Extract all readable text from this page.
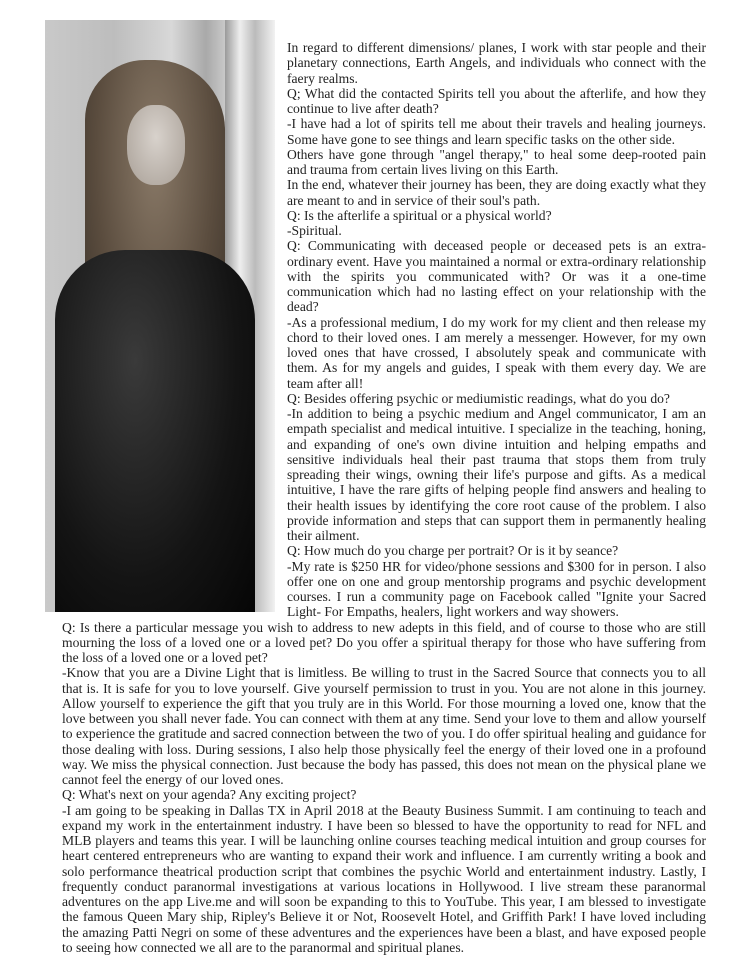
In regard to different dimensions/ planes, I work with star people and their planetary connections, Earth Angels, and individuals who connect with the faery realms.

Q; What did the contacted Spirits tell you about the afterlife, and how they continue to live after death?

-I have had a lot of spirits tell me about their travels and healing journeys. Some have gone to see things and learn specific tasks on the other side.

Others have gone through "angel therapy," to heal some deep-rooted pain and trauma from certain lives living on this Earth.

In the end, whatever their journey has been, they are doing exactly what they are meant to and in service of their soul's path.

Q: Is the afterlife a spiritual or a physical world?

-Spiritual.

Q: Communicating with deceased people or deceased pets is an extra-ordinary event. Have you maintained a normal or extra-ordinary relationship with the spirits you communicated with? Or was it a one-time communication which had no lasting effect on your relationship with the dead?

-As a professional medium, I do my work for my client and then release my chord to their loved ones. I am merely a messenger. However, for my own loved ones that have crossed, I absolutely speak and communicate with them. As for my angels and guides, I speak with them every day. We are team after all!

Q: Besides offering psychic or mediumistic readings, what do you do?

-In addition to being a psychic medium and Angel communicator, I am an empath specialist and medical intuitive. I specialize in the teaching, honing, and expanding of one's own divine intuition and helping empaths and sensitive individuals heal their past trauma that stops them from truly spreading their wings, owning their life's purpose and gifts. As a medical intuitive, I have the rare gifts of helping people find answers and healing to their health issues by identifying the core root cause of the problem. I also provide information and steps that can support them in permanently healing their ailment.

Q: How much do you charge per portrait? Or is it by seance?

-My rate is $250 HR for video/phone sessions and $300 for in person. I also offer one on one and group mentorship programs and psychic development courses. I run a community page on Facebook called "Ignite your Sacred Light- For Empaths, healers, light workers and way showers.

Q: Is there a particular message you wish to address to new adepts in this field, and of course to those who are still mourning the loss of a loved one or a loved pet? Do you offer a spiritual therapy for those who have suffering from the loss of a loved one or a loved pet?

-Know that you are a Divine Light that is limitless. Be willing to trust in the Sacred Source that connects you to all that is. It is safe for you to love yourself. Give yourself permission to trust in you. You are not alone in this journey. Allow yourself to experience the gift that you truly are in this World. For those mourning a loved one, know that the love between you shall never fade. You can connect with them at any time. Send your love to them and allow yourself to experience the gratitude and sacred connection between the two of you. I do offer spiritual healing and guidance for those dealing with loss. During sessions, I also help those physically feel the energy of their loved one in a profound way. We miss the physical connection. Just because the body has passed, this does not mean on the physical plane we cannot feel the energy of our loved ones.

Q: What's next on your agenda? Any exciting project?

-I am going to be speaking in Dallas TX in April 2018 at the Beauty Business Summit. I am continuing to teach and expand my work in the entertainment industry. I have been so blessed to have the opportunity to read for NFL and MLB players and teams this year. I will be launching online courses teaching medical intuition and group courses for heart centered entrepreneurs who are wanting to expand their work and influence. I am currently writing a book and solo performance theatrical production script that combines the psychic World and entertainment industry. Lastly, I frequently conduct paranormal investigations at various locations in Hollywood. I live stream these paranormal adventures on the app Live.me and will soon be expanding to this to YouTube. This year, I am blessed to investigate the famous Queen Mary ship, Ripley's Believe it or Not, Roosevelt Hotel, and Griffith Park! I have loved including the amazing Patti Negri on some of these adventures and the experiences have been a blast, and have exposed people to seeing how connected we all are to the paranormal and spiritual planes.
